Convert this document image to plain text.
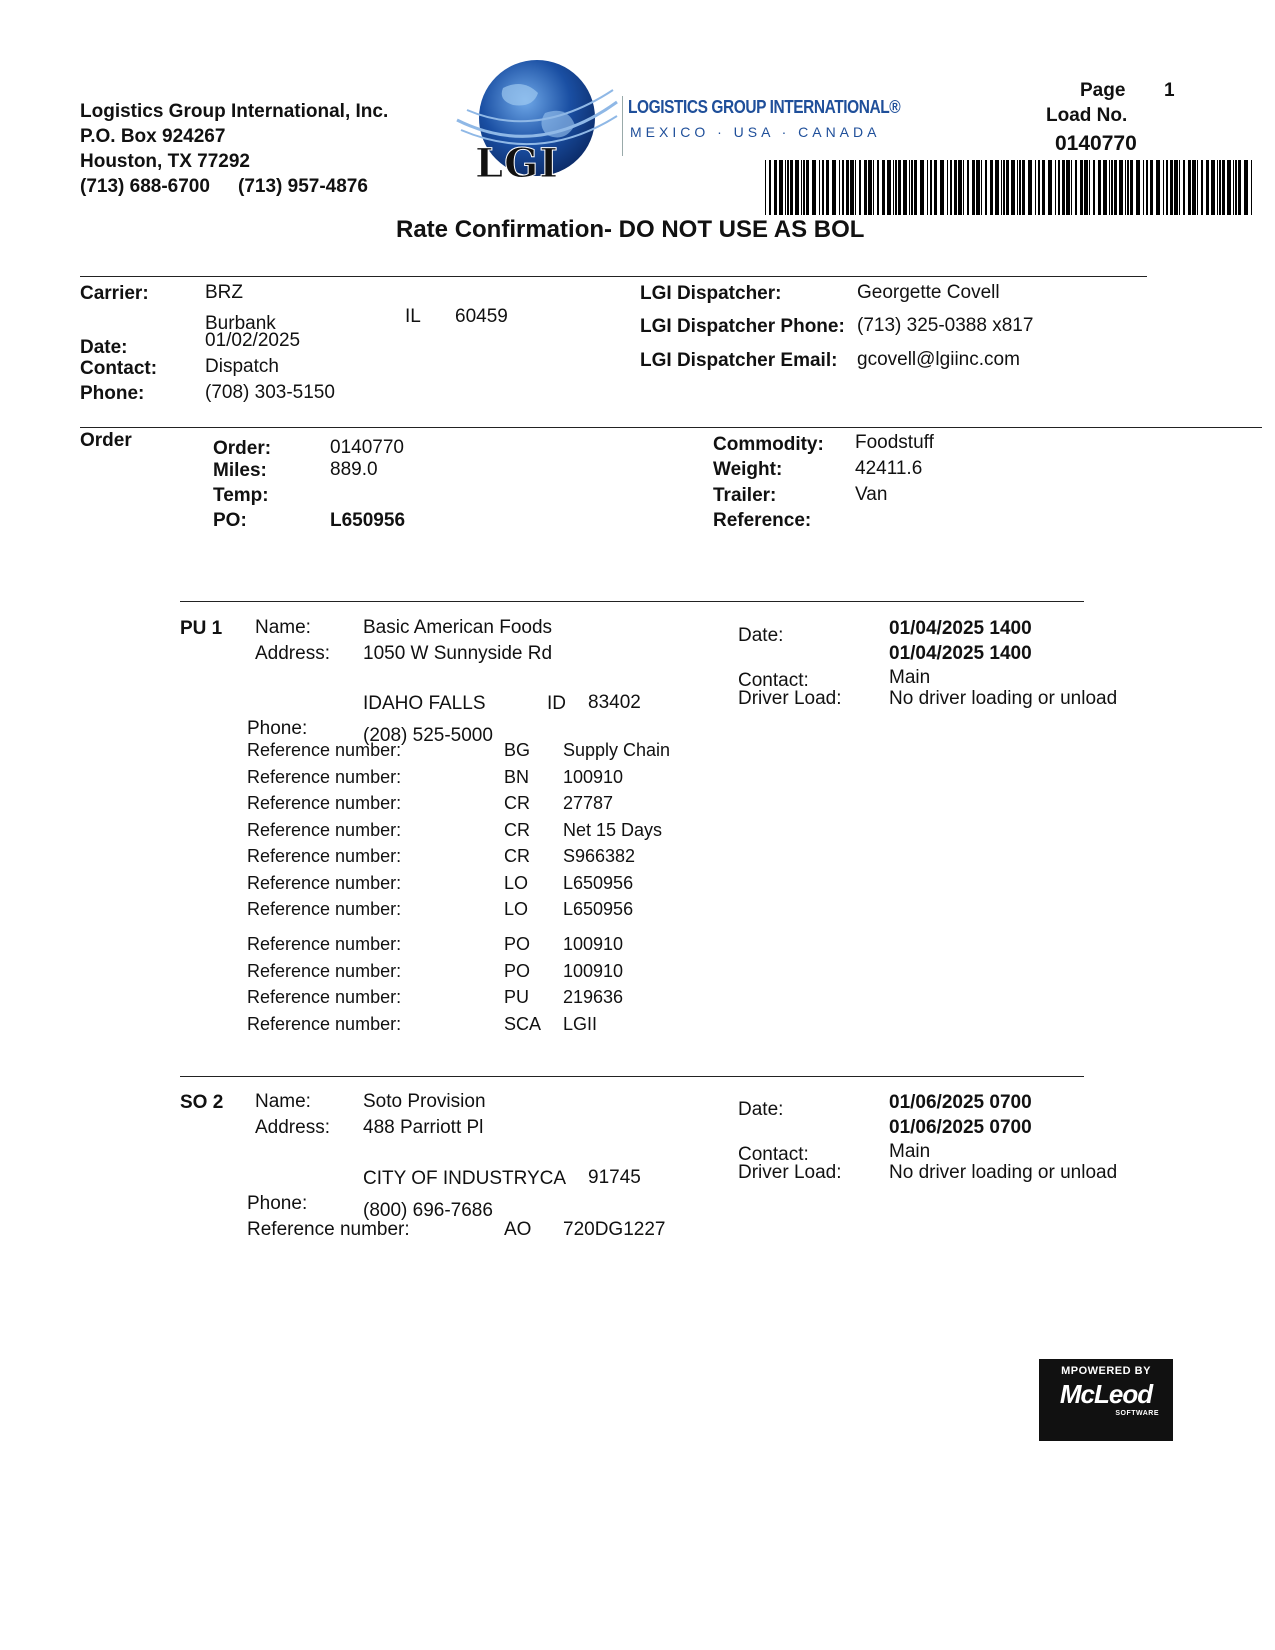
Logistics Group International, Inc.
P.O. Box 924267
Houston, TX 77292
(713) 688-6700 (713) 957-4876	LGI
LOGISTICS GROUP INTERNATIONAL®
MEXICO · USA · CANADA
Page 1
Load No.
0140770
Rate Confirmation- DO NOT USE AS BOL
Carrier:	BRZ
Burbank	IL 60459
Date:	01/02/2025
Contact:	Dispatch
Phone:	(708) 303-5150
LGI Dispatcher:	Georgette Covell
LGI Dispatcher Phone: (713) 325-0388 x817
LGI Dispatcher Email: gcovell@lgiinc.com
Order	Order:	0140770
Miles:	889.0
Temp:
PO:	L650956
Commodity: Foodstuff
Weight:	42411.6
Trailer:	Van
Reference:
PU 1 Name:	Basic American Foods
Address: 1050 W Sunnyside Rd
IDAHO FALLS	ID 83402
Phone:	(208) 525-5000
Date:	01/04/2025 1400
01/04/2025 1400
Contact:	Main
Driver Load:	No driver loading or unload
Reference number:	BG Supply Chain
Reference number:	BN 100910
Reference number:	CR 27787
Reference number:	CR Net 15 Days
Reference number:	CR S966382
Reference number:	LO L650956
Reference number:	LO L650956
Reference number:	PO 100910
Reference number:	PO 100910
Reference number:	PU 219636
Reference number:	SCA LGII
SO 2 Name:	Soto Provision
Address: 488 Parriott Pl
CITY OF INDUSTRYCA 91745
Phone:	(800) 696-7686
Reference number:	AO 720DG1227
Date:	01/06/2025 0700
01/06/2025 0700
Contact:	Main
Driver Load:	No driver loading or unload
MPOWERED BY
McLeod
SOFTWARE
